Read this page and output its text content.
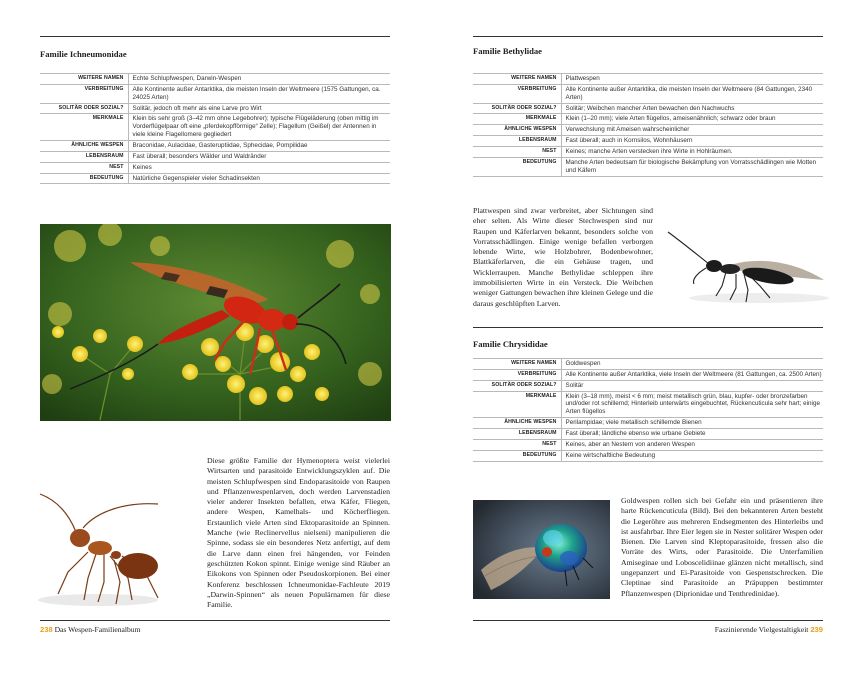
Familie Ichneumonidae
WEITERE NAMEN	Echte Schlupfwespen, Darwin-Wespen
VERBREITUNG	Alle Kontinente außer Antarktika, die meisten Inseln der Weltmeere (1575 Gattungen, ca. 24025 Arten)
SOLITÄR ODER SOZIAL?	Solitär, jedoch oft mehr als eine Larve pro Wirt
MERKMALE	Klein bis sehr groß (3–42 mm ohne Legebohrer); typische Flügeläderung (oben mittig im Vorderflügelpaar oft eine „pferdekopfförmige“ Zelle); Flagellum (Geißel) der Antennen in viele kleine Flagellomere gegliedert
ÄHNLICHE WESPEN	Braconidae, Aulacidae, Gasteruptiidae, Sphecidae, Pompilidae
LEBENSRAUM	Fast überall; besonders Wälder und Waldränder
NEST	Keines
BEDEUTUNG	Natürliche Gegenspieler vieler Schadinsekten
Diese größte Familie der Hymenoptera weist vielerlei Wirtsarten und parasitoide Entwicklungszyklen auf. Die meisten Schlupfwespen sind Endoparasitoide von Raupen und Pflanzenwespenlarven, doch werden Larvenstadien vieler anderer Insekten befallen, etwa Käfer, Fliegen, andere Wespen, Kamelhals- und Köcherfliegen. Erstaunlich viele Arten sind Ektoparasitoide an Spinnen. Manche (wie Reclinervellus nielseni) manipulieren die Spinne, sodass sie ein besonderes Netz anfertigt, auf dem die Larve dann einen frei hängenden, vor Feinden geschützten Kokon spinnt. Einige wenige sind Räuber an Eikokons von Spinnen oder Pseudoskorpionen. Bei einer Konferenz beschlossen Ichneumonidae-Fachleute 2019 „Darwin-Spinnen“ als neuen Populärnamen für diese Familie.
238 Das Wespen-Familienalbum
Familie Bethylidae
WEITERE NAMEN	Plattwespen
VERBREITUNG	Alle Kontinente außer Antarktika, die meisten Inseln der Weltmeere (84 Gattungen, 2340 Arten)
SOLITÄR ODER SOZIAL?	Solitär; Weibchen mancher Arten bewachen den Nachwuchs
MERKMALE	Klein (1–20 mm); viele Arten flügellos, ameisenähnlich; schwarz oder braun
ÄHNLICHE WESPEN	Verwechslung mit Ameisen wahrscheinlicher
LEBENSRAUM	Fast überall; auch in Kornsilos, Wohnhäusern
NEST	Keines; manche Arten verstecken ihre Wirte in Hohlräumen.
BEDEUTUNG	Manche Arten bedeutsam für biologische Bekämpfung von Vorratsschädlingen wie Motten und Käfern
Plattwespen sind zwar verbreitet, aber Sichtungen sind eher selten. Als Wirte dieser Stechwespen sind nur Raupen und Käferlarven bekannt, besonders solche von Vorratsschädlingen. Einige wenige befallen verborgen lebende Wirte, wie Holzbohrer, Bodenbewohner, Blattkäferlarven, die ein Gehäuse tragen, und Wicklerraupen. Manche Bethylidae schleppen ihre immobilisierten Wirte in ein Versteck. Die Weibchen weniger Gattungen bewachen ihre kleinen Gelege und die daraus geschlüpften Larven.
Familie Chrysididae
WEITERE NAMEN	Goldwespen
VERBREITUNG	Alle Kontinente außer Antarktika, viele Inseln der Weltmeere (81 Gattungen, ca. 2500 Arten)
SOLITÄR ODER SOZIAL?	Solitär
MERKMALE	Klein (3–18 mm), meist < 6 mm; meist metallisch grün, blau, kupfer- oder bronzefarben und/oder rot schillernd; Hinterleib unterwärts eingebuchtet, Rückencuticula sehr hart; einige Arten flügellos
ÄHNLICHE WESPEN	Perilampidae; viele metallisch schillernde Bienen
LEBENSRAUM	Fast überall; ländliche ebenso wie urbane Gebiete
NEST	Keines, aber an Nestern von anderen Wespen
BEDEUTUNG	Keine wirtschaftliche Bedeutung
Goldwespen rollen sich bei Gefahr ein und präsentieren ihre harte Rückencuticula (Bild). Bei den bekannteren Arten besteht die Legeröhre aus mehreren Endsegmenten des Hinterleibs und ist ausfahrbar. Ihre Eier legen sie in Nester solitärer Wespen oder Bienen. Die Larven sind Kleptoparasitoide, fressen also die Vorräte des Wirts, oder Parasitoide. Die Unterfamilien Amiseginae und Loboscelidiinae glänzen nicht metallisch, sind ungepanzert und Ei-Parasitoide von Gespenstschrecken. Die Cleptinae sind Parasitoide an Präpuppen bestimmter Pflanzenwespen (Diprionidae und Tenthredinidae).
Faszinierende Vielgestaltigkeit 239
